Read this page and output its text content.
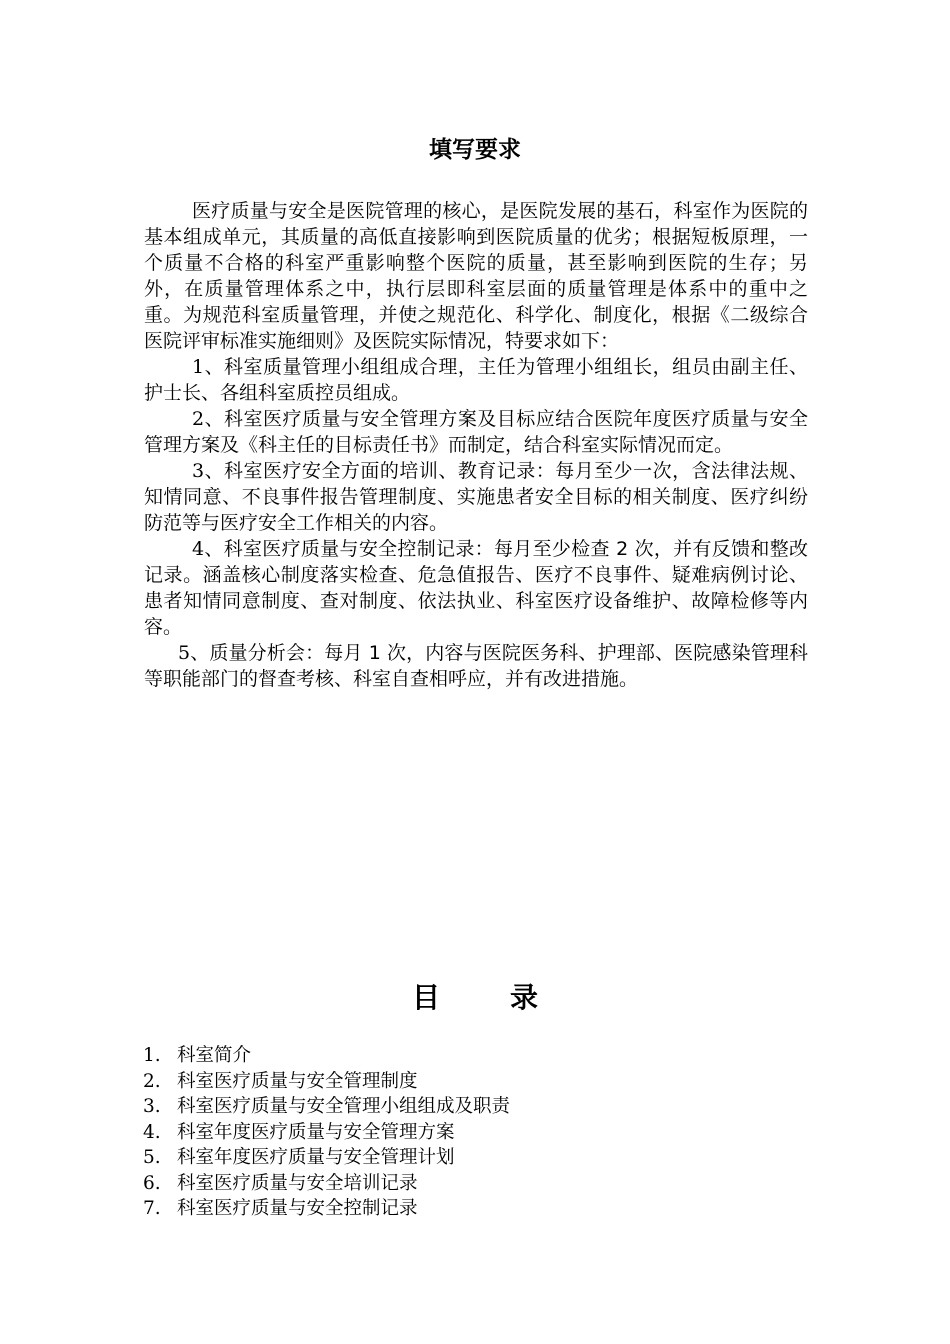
填写要求

医疗质量与安全是医院管理的核心，是医院发展的基石，科室作为医院的基本组成单元，其质量的高低直接影响到医院质量的优劣；根据短板原理，一个质量不合格的科室严重影响整个医院的质量，甚至影响到医院的生存；另外，在质量管理体系之中，执行层即科室层面的质量管理是体系中的重中之重。为规范科室质量管理，并使之规范化、科学化、制度化，根据《二级综合医院评审标准实施细则》及医院实际情况，特要求如下：

1、科室质量管理小组组成合理，主任为管理小组组长，组员由副主任、护士长、各组科室质控员组成。

2、科室医疗质量与安全管理方案及目标应结合医院年度医疗质量与安全管理方案及《科主任的目标责任书》而制定，结合科室实际情况而定。

3、科室医疗安全方面的培训、教育记录：每月至少一次，含法律法规、知情同意、不良事件报告管理制度、实施患者安全目标的相关制度、医疗纠纷防范等与医疗安全工作相关的内容。

4、科室医疗质量与安全控制记录：每月至少检查 2 次，并有反馈和整改记录。涵盖核心制度落实检查、危急值报告、医疗不良事件、疑难病例讨论、患者知情同意制度、查对制度、依法执业、科室医疗设备维护、故障检修等内容。

5、质量分析会：每月 1 次，内容与医院医务科、护理部、医院感染管理科等职能部门的督查考核、科室自查相呼应，并有改进措施。

目录
1. 科室简介
2. 科室医疗质量与安全管理制度
3. 科室医疗质量与安全管理小组组成及职责
4. 科室年度医疗质量与安全管理方案
5. 科室年度医疗质量与安全管理计划
6. 科室医疗质量与安全培训记录
7. 科室医疗质量与安全控制记录
